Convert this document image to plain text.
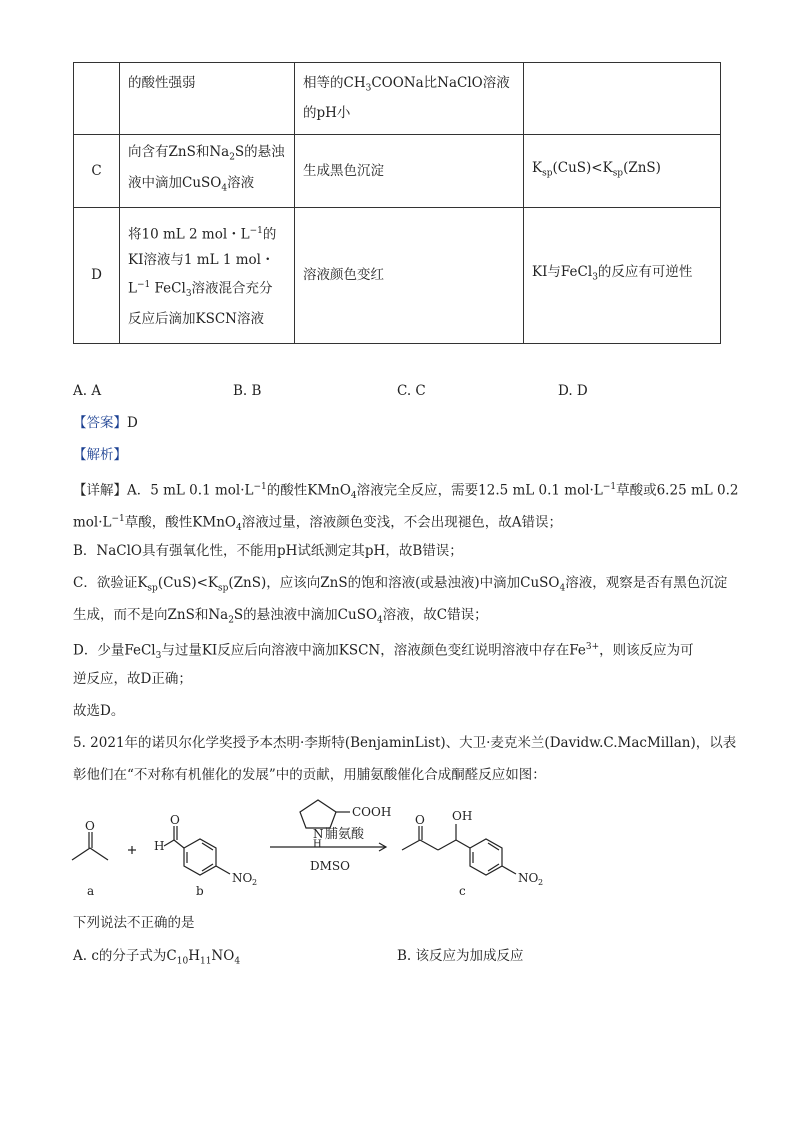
	的酸性强弱	相等的$CH_3COONa$比NaClO溶液的pH小	
C	向含有ZnS和$Na_2S$的悬浊液中滴加CuSO$_4$溶液	生成黑色沉淀	$K_{sp}(CuS)<K_{sp}(ZnS)$
D	将10 mL 2 mol・$L^{-1}$的KI溶液与1 mL 1 mol・$L^{-1}$ FeCl$_3$溶液混合充分反应后滴加KSCN溶液	溶液颜色变红	KI与FeCl$_3$的反应有可逆性
A. A	B. B	C. C	D. D
【答案】D
【解析】
【详解】A．5 mL 0.1 $mol\cdot L^{-1}$的酸性KMnO$_4$溶液完全反应，需要12.5 mL 0.1 $mol\cdot L^{-1}$草酸或6.25 mL 0.2
$mol\cdot L^{-1}$草酸，酸性KMnO$_4$溶液过量，溶液颜色变浅，不会出现褪色，故A错误；
B．NaClO具有强氧化性，不能用pH试纸测定其pH，故B错误；
C．欲验证$K_{sp}(CuS)<K_{sp}(ZnS)$，应该向ZnS的饱和溶液(或悬浊液)中滴加CuSO$_4$溶液，观察是否有黑色沉淀
生成，而不是向ZnS和$Na_2S$的悬浊液中滴加CuSO$_4$溶液，故C错误；
D．少量FeCl$_3$与过量KI反应后向溶液中滴加KSCN，溶液颜色变红说明溶液中存在$Fe^{3+}$，则该反应为可
逆反应，故D正确；
故选D。
5. 2021年的诺贝尔化学奖授予本杰明·李斯特(BenjaminList)、大卫·麦克米兰(Davidw.C.MacMillan)，以表
彰他们在“不对称有机催化的发展”中的贡献，用脯氨酸催化合成酮醛反应如图：
O	O
H
NO 2
N
H
COOH
O OH
NO 2
脯氨酸
DMSO
a	b	c
下列说法不正确的是
A. c的分子式为$C_{10}H_{11}NO_4$	B. 该反应为加成反应
